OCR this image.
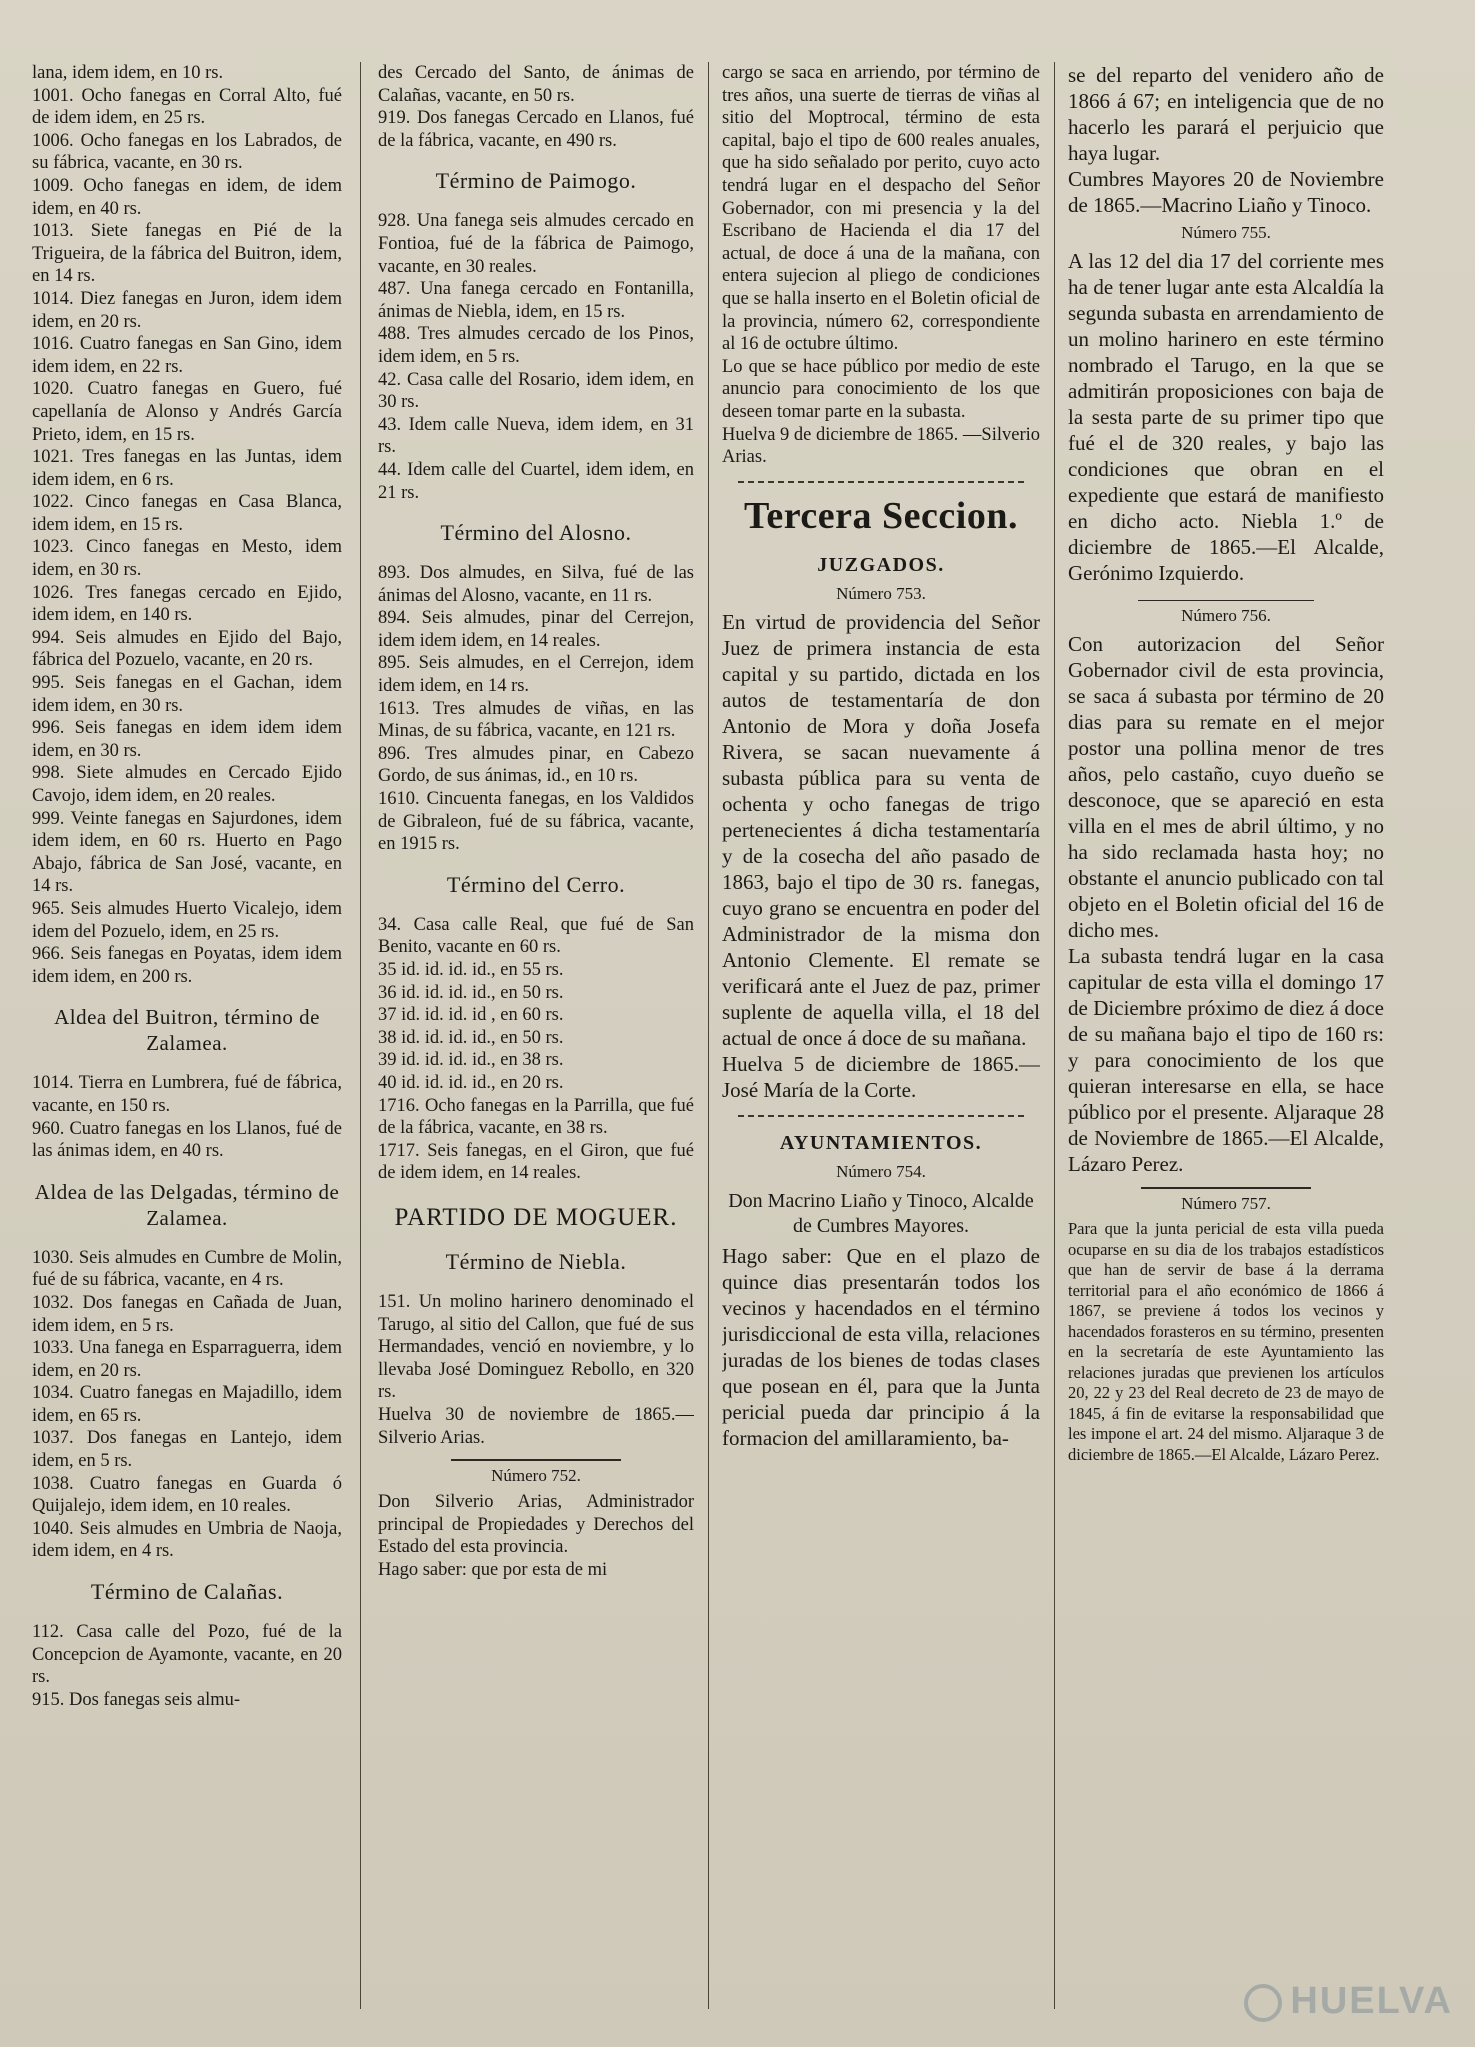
lana, idem idem, en 10 rs.

1001. Ocho fanegas en Corral Alto, fué de idem idem, en 25 rs.

1006. Ocho fanegas en los Labrados, de su fábrica, vacante, en 30 rs.

1009. Ocho fanegas en idem, de idem idem, en 40 rs.

1013. Siete fanegas en Pié de la Trigueira, de la fábrica del Buitron, idem, en 14 rs.

1014. Diez fanegas en Juron, idem idem idem, en 20 rs.

1016. Cuatro fanegas en San Gino, idem idem idem, en 22 rs.

1020. Cuatro fanegas en Guero, fué capellanía de Alonso y Andrés García Prieto, idem, en 15 rs.

1021. Tres fanegas en las Juntas, idem idem idem, en 6 rs.

1022. Cinco fanegas en Casa Blanca, idem idem, en 15 rs.

1023. Cinco fanegas en Mesto, idem idem, en 30 rs.

1026. Tres fanegas cercado en Ejido, idem idem, en 140 rs.

994. Seis almudes en Ejido del Bajo, fábrica del Pozuelo, vacante, en 20 rs.

995. Seis fanegas en el Gachan, idem idem idem, en 30 rs.

996. Seis fanegas en idem idem idem idem, en 30 rs.

998. Siete almudes en Cercado Ejido Cavojo, idem idem, en 20 reales.

999. Veinte fanegas en Sajurdones, idem idem idem, en 60 rs. Huerto en Pago Abajo, fábrica de San José, vacante, en 14 rs.

965. Seis almudes Huerto Vicalejo, idem idem del Pozuelo, idem, en 25 rs.

966. Seis fanegas en Poyatas, idem idem idem idem, en 200 rs.

Aldea del Buitron, término de Zalamea.

1014. Tierra en Lumbrera, fué de fábrica, vacante, en 150 rs.

960. Cuatro fanegas en los Llanos, fué de las ánimas idem, en 40 rs.

Aldea de las Delgadas, término de Zalamea.

1030. Seis almudes en Cumbre de Molin, fué de su fábrica, vacante, en 4 rs.

1032. Dos fanegas en Cañada de Juan, idem idem, en 5 rs.

1033. Una fanega en Esparraguerra, idem idem, en 20 rs.

1034. Cuatro fanegas en Majadillo, idem idem, en 65 rs.

1037. Dos fanegas en Lantejo, idem idem, en 5 rs.

1038. Cuatro fanegas en Guarda ó Quijalejo, idem idem, en 10 reales.

1040. Seis almudes en Umbria de Naoja, idem idem, en 4 rs.

Término de Calañas.

112. Casa calle del Pozo, fué de la Concepcion de Ayamonte, vacante, en 20 rs.

915. Dos fanegas seis almu-

des Cercado del Santo, de ánimas de Calañas, vacante, en 50 rs.

919. Dos fanegas Cercado en Llanos, fué de la fábrica, vacante, en 490 rs.

Término de Paimogo.

928. Una fanega seis almudes cercado en Fontioa, fué de la fábrica de Paimogo, vacante, en 30 reales.

487. Una fanega cercado en Fontanilla, ánimas de Niebla, idem, en 15 rs.

488. Tres almudes cercado de los Pinos, idem idem, en 5 rs.

42. Casa calle del Rosario, idem idem, en 30 rs.

43. Idem calle Nueva, idem idem, en 31 rs.

44. Idem calle del Cuartel, idem idem, en 21 rs.

Término del Alosno.

893. Dos almudes, en Silva, fué de las ánimas del Alosno, vacante, en 11 rs.

894. Seis almudes, pinar del Cerrejon, idem idem idem, en 14 reales.

895. Seis almudes, en el Cerrejon, idem idem idem, en 14 rs.

1613. Tres almudes de viñas, en las Minas, de su fábrica, vacante, en 121 rs.

896. Tres almudes pinar, en Cabezo Gordo, de sus ánimas, id., en 10 rs.

1610. Cincuenta fanegas, en los Valdidos de Gibraleon, fué de su fábrica, vacante, en 1915 rs.

Término del Cerro.

34. Casa calle Real, que fué de San Benito, vacante en 60 rs.

35 id. id. id. id., en 55 rs.

36 id. id. id. id., en 50 rs.

37 id. id. id. id , en 60 rs.

38 id. id. id. id., en 50 rs.

39 id. id. id. id., en 38 rs.

40 id. id. id. id., en 20 rs.

1716. Ocho fanegas en la Parrilla, que fué de la fábrica, vacante, en 38 rs.

1717. Seis fanegas, en el Giron, que fué de idem idem, en 14 reales.

PARTIDO DE MOGUER.
Término de Niebla.

151. Un molino harinero denominado el Tarugo, al sitio del Callon, que fué de sus Hermandades, venció en noviembre, y lo llevaba José Dominguez Rebollo, en 320 rs.

Huelva 30 de noviembre de 1865.—Silverio Arias.

Número 752.

Don Silverio Arias, Administrador principal de Propiedades y Derechos del Estado del esta provincia.

Hago saber: que por esta de mi

cargo se saca en arriendo, por término de tres años, una suerte de tierras de viñas al sitio del Moptrocal, término de esta capital, bajo el tipo de 600 reales anuales, que ha sido señalado por perito, cuyo acto tendrá lugar en el despacho del Señor Gobernador, con mi presencia y la del Escribano de Hacienda el dia 17 del actual, de doce á una de la mañana, con entera sujecion al pliego de condiciones que se halla inserto en el Boletin oficial de la provincia, número 62, correspondiente al 16 de octubre último.

Lo que se hace público por medio de este anuncio para conocimiento de los que deseen tomar parte en la subasta.

Huelva 9 de diciembre de 1865. —Silverio Arias.

Tercera Seccion.
JUZGADOS.
Número 753.

En virtud de providencia del Señor Juez de primera instancia de esta capital y su partido, dictada en los autos de testamentaría de don Antonio de Mora y doña Josefa Rivera, se sacan nuevamente á subasta pública para su venta de ochenta y ocho fanegas de trigo pertenecientes á dicha testamentaría y de la cosecha del año pasado de 1863, bajo el tipo de 30 rs. fanegas, cuyo grano se encuentra en poder del Administrador de la misma don Antonio Clemente. El remate se verificará ante el Juez de paz, primer suplente de aquella villa, el 18 del actual de once á doce de su mañana.

Huelva 5 de diciembre de 1865.—José María de la Corte.

AYUNTAMIENTOS.
Número 754.
Don Macrino Liaño y Tinoco, Alcalde de Cumbres Mayores.

Hago saber: Que en el plazo de quince dias presentarán todos los vecinos y hacendados en el término jurisdiccional de esta villa, relaciones juradas de los bienes de todas clases que posean en él, para que la Junta pericial pueda dar principio á la formacion del amillaramiento, ba-

se del reparto del venidero año de 1866 á 67; en inteligencia que de no hacerlo les parará el perjuicio que haya lugar.

Cumbres Mayores 20 de Noviembre de 1865.—Macrino Liaño y Tinoco.

Número 755.

A las 12 del dia 17 del corriente mes ha de tener lugar ante esta Alcaldía la segunda subasta en arrendamiento de un molino harinero en este término nombrado el Tarugo, en la que se admitirán proposiciones con baja de la sesta parte de su primer tipo que fué el de 320 reales, y bajo las condiciones que obran en el expediente que estará de manifiesto en dicho acto. Niebla 1.º de diciembre de 1865.—El Alcalde, Gerónimo Izquierdo.

Número 756.

Con autorizacion del Señor Gobernador civil de esta provincia, se saca á subasta por término de 20 dias para su remate en el mejor postor una pollina menor de tres años, pelo castaño, cuyo dueño se desconoce, que se apareció en esta villa en el mes de abril último, y no ha sido reclamada hasta hoy; no obstante el anuncio publicado con tal objeto en el Boletin oficial del 16 de dicho mes.

La subasta tendrá lugar en la casa capitular de esta villa el domingo 17 de Diciembre próximo de diez á doce de su mañana bajo el tipo de 160 rs: y para conocimiento de los que quieran interesarse en ella, se hace público por el presente. Aljaraque 28 de Noviembre de 1865.—El Alcalde, Lázaro Perez.

Número 757.

Para que la junta pericial de esta villa pueda ocuparse en su dia de los trabajos estadísticos que han de servir de base á la derrama territorial para el año económico de 1866 á 1867, se previene á todos los vecinos y hacendados forasteros en su término, presenten en la secretaría de este Ayuntamiento las relaciones juradas que previenen los artículos 20, 22 y 23 del Real decreto de 23 de mayo de 1845, á fin de evitarse la responsabilidad que les impone el art. 24 del mismo. Aljaraque 3 de diciembre de 1865.—El Alcalde, Lázaro Perez.

HUELVA
